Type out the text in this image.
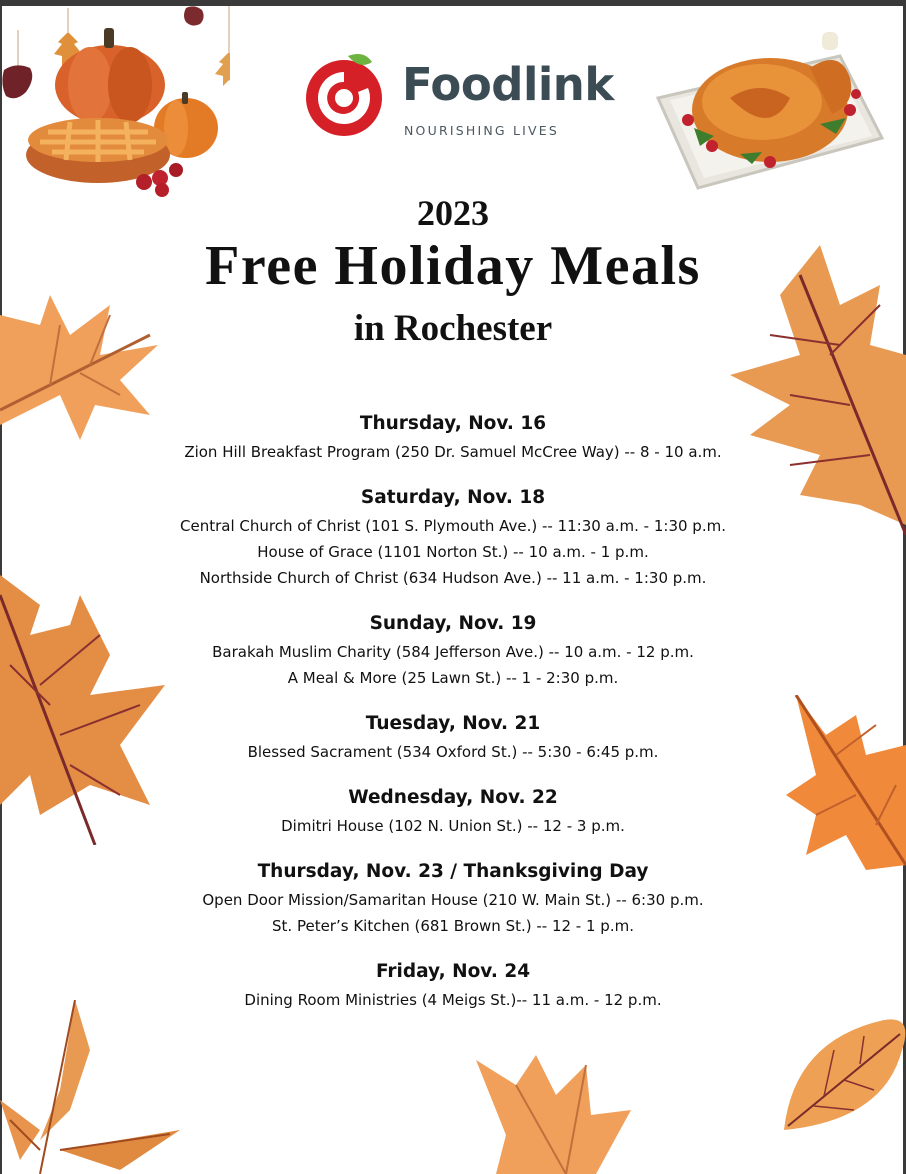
Foodlink
NOURISHING LIVES
2023
Free Holiday Meals
in Rochester
Thursday, Nov. 16
Zion Hill Breakfast Program (250 Dr. Samuel McCree Way) -- 8 - 10 a.m.
Saturday, Nov. 18
Central Church of Christ (101 S. Plymouth Ave.) -- 11:30 a.m. - 1:30 p.m.
House of Grace (1101 Norton St.) -- 10 a.m. - 1 p.m.
Northside Church of Christ (634 Hudson Ave.) -- 11 a.m. - 1:30 p.m.
Sunday, Nov. 19
Barakah Muslim Charity (584 Jefferson Ave.) -- 10 a.m. - 12 p.m.
A Meal & More (25 Lawn St.) -- 1 - 2:30 p.m.
Tuesday, Nov. 21
Blessed Sacrament (534 Oxford St.) -- 5:30 - 6:45 p.m.
Wednesday, Nov. 22
Dimitri House (102 N. Union St.) -- 12 - 3 p.m.
Thursday, Nov. 23 / Thanksgiving Day
Open Door Mission/Samaritan House (210 W. Main St.) -- 6:30 p.m.
St. Peter’s Kitchen (681 Brown St.) -- 12 - 1 p.m.
Friday, Nov. 24
Dining Room Ministries (4 Meigs St.)-- 11 a.m. - 12 p.m.
